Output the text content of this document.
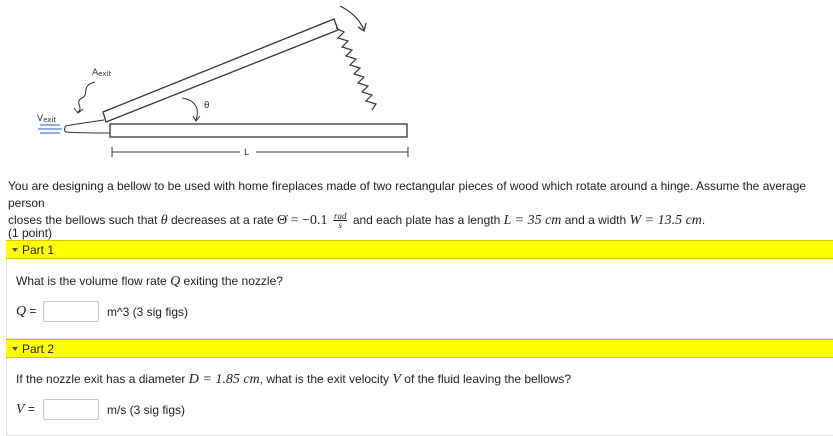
Aexit
Vexit
θ
L

You are designing a bellow to be used with home fireplaces made of two rectangular pieces of wood which rotate around a hinge. Assume the average person

closes the bellows such that θ decreases at a rate Θ̇ = $-0.1 \frac{\text{rad}}{s}$ and each plate has a length L = 35 cm and a width W = 13.5 cm.

(1 point)
Part 1
What is the volume flow rate Q exiting the nozzle?
Q =	m^3 (3 sig figs)
Part 2
If the nozzle exit has a diameter D = 1.85 cm, what is the exit velocity V of the fluid leaving the bellows?
V =	m/s (3 sig figs)
